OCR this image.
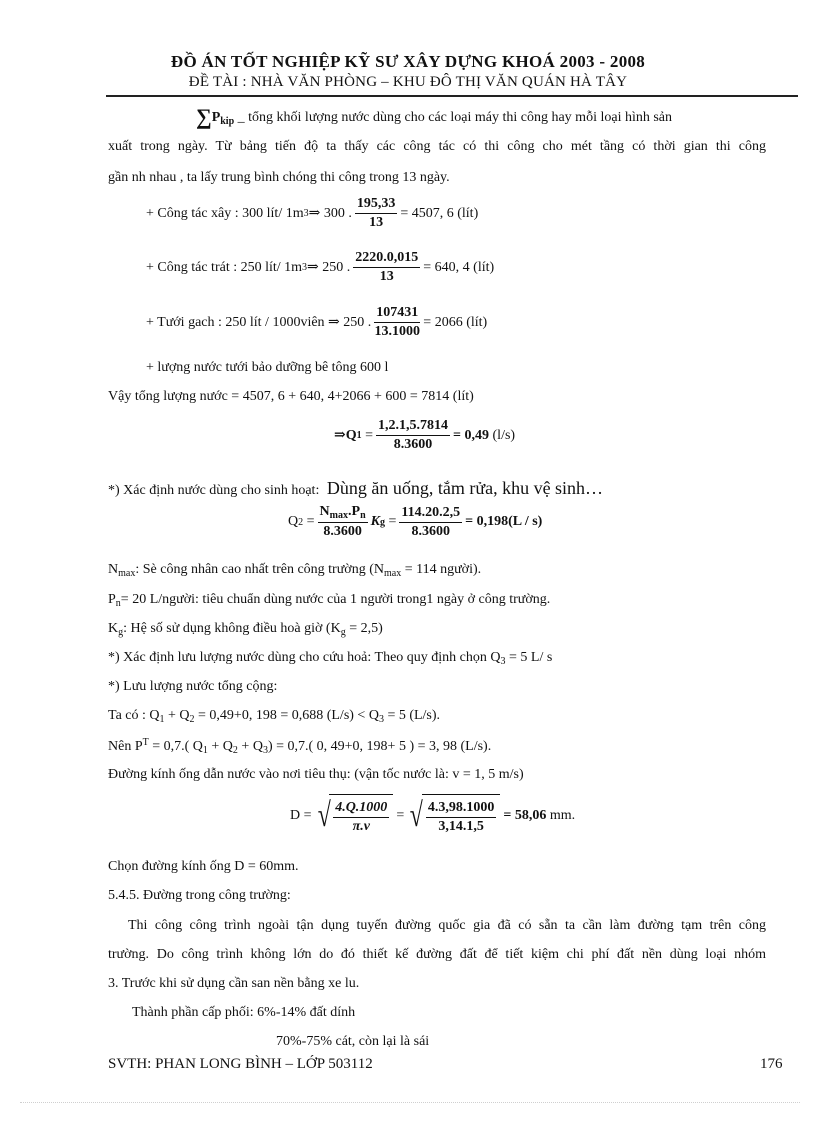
ĐỒ ÁN TỐT NGHIỆP KỸ SƯ XÂY DỰNG KHOÁ 2003 - 2008
ĐỀ TÀI : NHÀ VĂN PHÒNG – KHU ĐÔ THỊ VĂN QUÁN HÀ TÂY
$\sum P_{kip}$ _ tổng khối lượng nước dùng cho các loại máy thi công hay mỗi loại hình sản
xuất trong ngày. Từ bảng tiến độ ta thấy các công tác có thi công cho mét tầng có thời gian thi công
gần nh nhau , ta lấy trung bình chóng thi công trong 13 ngày.
+ Công tác xây : 300 lít/ 1m 3 ⇒ 300 . $\frac{195,33}{13} = 4507$, 6 (lít)
+ Công tác trát : 250 lít/ 1m 3 ⇒ 250 . $\frac{2220.0,015}{13} = 640$, 4 (lít)
+ Tưới gach : 250 lít / 1000viên ⇒ 250 . $\frac{107431}{13.1000} = 2066$ (lít)
+ lượng nước tưới bảo dưỡng bê tông 600 l
Vậy tổng lượng nước = 4507, 6 + 640, 4+2066 + 600 = 7814 (lít)
⇒Q $1 = \frac{1,2.1,5.7814}{8.3600} = 0,49$
(l/s)
*) Xác định nước dùng cho sinh hoạt: Dùng ăn uống, tắm rửa, khu vệ sinh…
Q $2 = \frac{N_{max}.P_n}{8.3600}$ K $g = \frac{114.20.2,5}{8.3600} = 0,198(L / s)$
$N_{max}$: Sè công nhân cao nhất trên công trường ($N_{max} = 114$ người).
$P_n= 20$ L/người: tiêu chuẩn dùng nước của 1 người trong1 ngày ở công trường.
$K_g$: Hệ số sử dụng không điều hoà giờ $(K_g = 2,5)$
*) Xác định lưu lượng nước dùng cho cứu hoả: Theo quy định chọn $Q_3 = 5$ L/ s
*) Lưu lượng nước tổng cộng:
Ta có : $Q_1 + Q_2 = 0,49+0$, 198 = 0,688 $(L/s) < Q_3 = 5$ (L/s).
Nên $P^T = 0,7$.( $Q_1 + Q_2 + Q_3) = 0,7$.( 0, 49+0, 198+ 5 ) = 3, 98 (L/s).
Đường kính ống dẫn nước vào nơi tiêu thụ: (vận tốc nước là: v = 1, 5 m/s)
D = √ $\frac{4.Q.1000}{\pi.v}$ = √ $\frac{4.3,98.1000}{3,14.1,5} = 58,06$
mm.
Chọn đường kính ống D = 60mm.
5.4.5. Đường trong công trường:
Thi công công trình ngoài tận dụng tuyến đường quốc gia đã có sẵn ta cần làm đường tạm trên công
trường. Do công trình không lớn do đó thiết kế đường đất để tiết kiệm chi phí đất nền dùng loại nhóm
3. Trước khi sử dụng cần san nền bằng xe lu.
Thành phần cấp phối: 6%-14% đất dính
70%-75% cát, còn lại là sái
SVTH: PHAN LONG BÌNH – LỚP 503112	176
